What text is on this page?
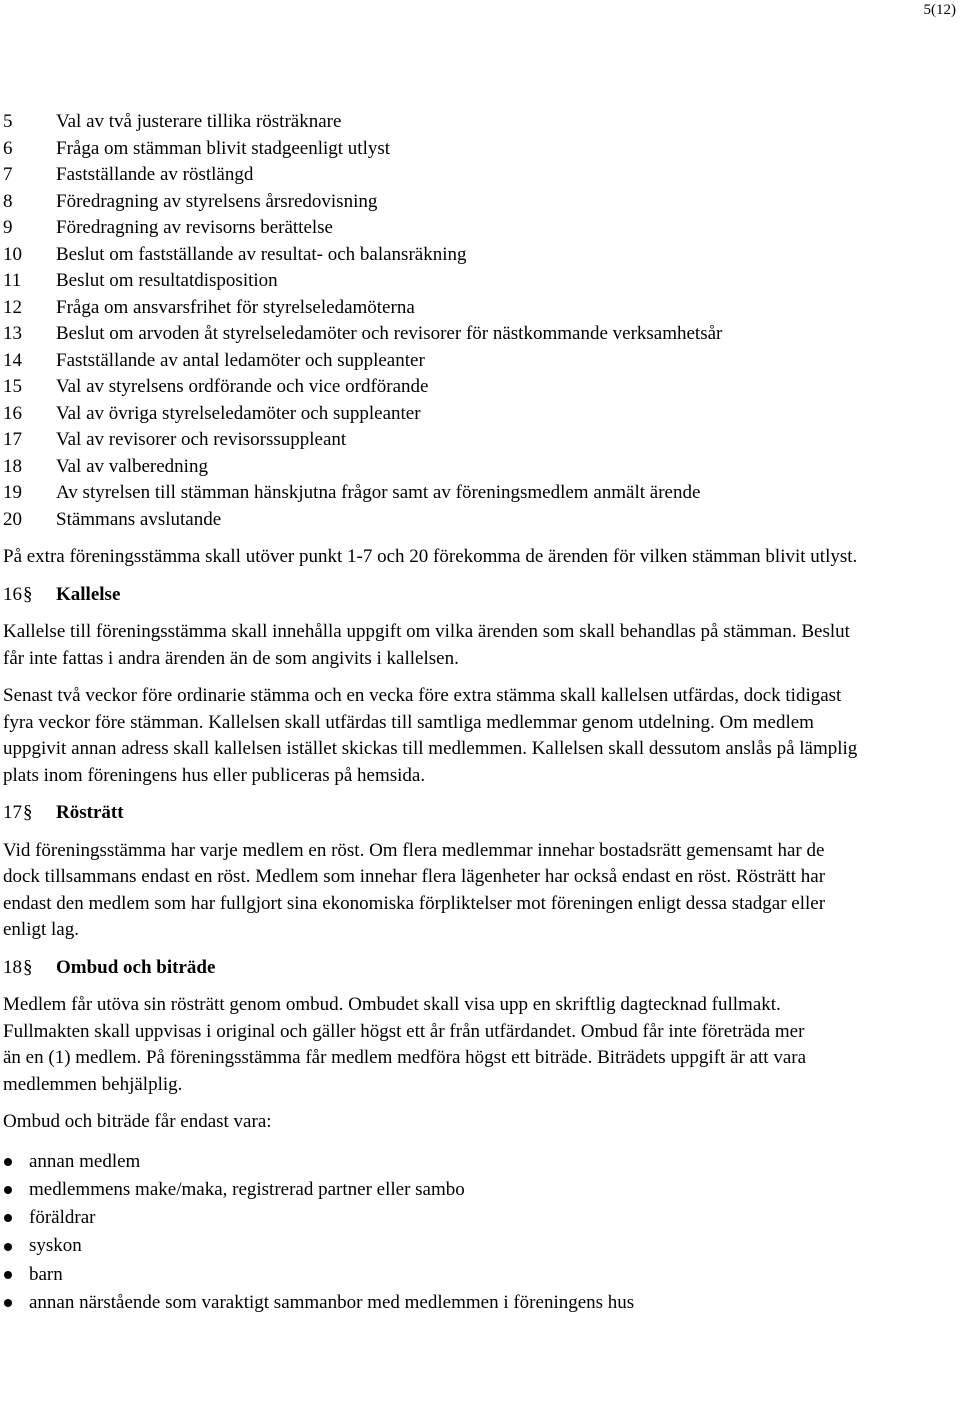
5(12)
5	Val av två justerare tillika rösträknare
6	Fråga om stämman blivit stadgeenligt utlyst
7	Fastställande av röstlängd
8	Föredragning av styrelsens årsredovisning
9	Föredragning av revisorns berättelse
10	Beslut om fastställande av resultat- och balansräkning
11	Beslut om resultatdisposition
12	Fråga om ansvarsfrihet för styrelseledamöterna
13	Beslut om arvoden åt styrelseledamöter och revisorer för nästkommande verksamhetsår
14	Fastställande av antal ledamöter och suppleanter
15	Val av styrelsens ordförande och vice ordförande
16	Val av övriga styrelseledamöter och suppleanter
17	Val av revisorer och revisorssuppleant
18	Val av valberedning
19	Av styrelsen till stämman hänskjutna frågor samt av föreningsmedlem anmält ärende
20	Stämmans avslutande

På extra föreningsstämma skall utöver punkt 1-7 och 20 förekomma de ärenden för vilken stämman blivit utlyst.

16 §	Kallelse

Kallelse till föreningsstämma skall innehålla uppgift om vilka ärenden som skall behandlas på stämman. Beslut får inte fattas i andra ärenden än de som angivits i kallelsen.

Senast två veckor före ordinarie stämma och en vecka före extra stämma skall kallelsen utfärdas, dock tidigast fyra veckor före stämman. Kallelsen skall utfärdas till samtliga medlemmar genom utdelning. Om medlem uppgivit annan adress skall kallelsen istället skickas till medlemmen. Kallelsen skall dessutom anslås på lämplig plats inom föreningens hus eller publiceras på hemsida.

17 §	Rösträtt

Vid föreningsstämma har varje medlem en röst. Om flera medlemmar innehar bostadsrätt gemensamt har de dock tillsammans endast en röst. Medlem som innehar flera lägenheter har också endast en röst. Rösträtt har endast den medlem som har fullgjort sina ekonomiska förpliktelser mot föreningen enligt dessa stadgar eller enligt lag.

18 §	Ombud och biträde

Medlem får utöva sin rösträtt genom ombud. Ombudet skall visa upp en skriftlig dagtecknad fullmakt. Fullmakten skall uppvisas i original och gäller högst ett år från utfärdandet. Ombud får inte företräda mer än en (1) medlem. På föreningsstämma får medlem medföra högst ett biträde. Biträdets uppgift är att vara medlemmen behjälplig.

Ombud och biträde får endast vara:

annan medlem
medlemmens make/maka, registrerad partner eller sambo
föräldrar
syskon
barn
annan närstående som varaktigt sammanbor med medlemmen i föreningens hus
